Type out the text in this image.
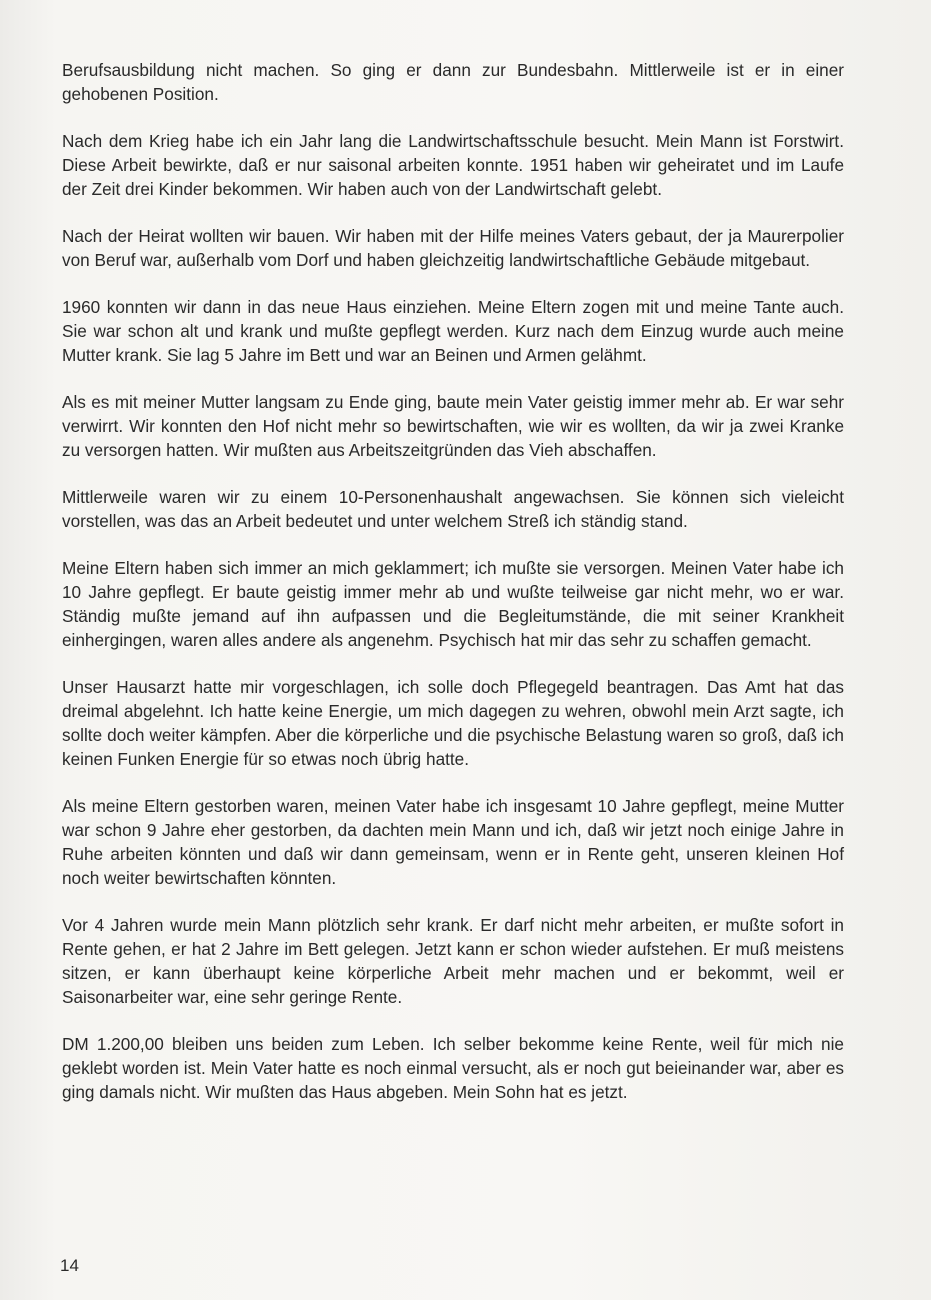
Berufsausbildung nicht machen. So ging er dann zur Bundesbahn. Mittlerweile ist er in einer gehobenen Position.

Nach dem Krieg habe ich ein Jahr lang die Landwirtschaftsschule besucht. Mein Mann ist Forstwirt. Diese Arbeit bewirkte, daß er nur saisonal arbeiten konnte. 1951 haben wir geheiratet und im Laufe der Zeit drei Kinder bekommen. Wir haben auch von der Landwirtschaft gelebt.

Nach der Heirat wollten wir bauen. Wir haben mit der Hilfe meines Vaters gebaut, der ja Maurerpolier von Beruf war, außerhalb vom Dorf und haben gleichzeitig landwirtschaftliche Gebäude mitgebaut.

1960 konnten wir dann in das neue Haus einziehen. Meine Eltern zogen mit und meine Tante auch. Sie war schon alt und krank und mußte gepflegt werden. Kurz nach dem Einzug wurde auch meine Mutter krank. Sie lag 5 Jahre im Bett und war an Beinen und Armen gelähmt.

Als es mit meiner Mutter langsam zu Ende ging, baute mein Vater geistig immer mehr ab. Er war sehr verwirrt. Wir konnten den Hof nicht mehr so bewirtschaften, wie wir es wollten, da wir ja zwei Kranke zu versorgen hatten. Wir mußten aus Arbeitszeitgründen das Vieh abschaffen.

Mittlerweile waren wir zu einem 10-Personenhaushalt angewachsen. Sie können sich vieleicht vorstellen, was das an Arbeit bedeutet und unter welchem Streß ich ständig stand.

Meine Eltern haben sich immer an mich geklammert; ich mußte sie versorgen. Meinen Vater habe ich 10 Jahre gepflegt. Er baute geistig immer mehr ab und wußte teilweise gar nicht mehr, wo er war. Ständig mußte jemand auf ihn aufpassen und die Begleitumstände, die mit seiner Krankheit einhergingen, waren alles andere als angenehm. Psychisch hat mir das sehr zu schaffen gemacht.

Unser Hausarzt hatte mir vorgeschlagen, ich solle doch Pflegegeld beantragen. Das Amt hat das dreimal abgelehnt. Ich hatte keine Energie, um mich dagegen zu wehren, obwohl mein Arzt sagte, ich sollte doch weiter kämpfen. Aber die körperliche und die psychische Belastung waren so groß, daß ich keinen Funken Energie für so etwas noch übrig hatte.

Als meine Eltern gestorben waren, meinen Vater habe ich insgesamt 10 Jahre gepflegt, meine Mutter war schon 9 Jahre eher gestorben, da dachten mein Mann und ich, daß wir jetzt noch einige Jahre in Ruhe arbeiten könnten und daß wir dann gemeinsam, wenn er in Rente geht, unseren kleinen Hof noch weiter bewirtschaften könnten.

Vor 4 Jahren wurde mein Mann plötzlich sehr krank. Er darf nicht mehr arbeiten, er mußte sofort in Rente gehen, er hat 2 Jahre im Bett gelegen. Jetzt kann er schon wieder aufstehen. Er muß meistens sitzen, er kann überhaupt keine körperliche Arbeit mehr machen und er bekommt, weil er Saisonarbeiter war, eine sehr geringe Rente.

DM 1.200,00 bleiben uns beiden zum Leben. Ich selber bekomme keine Rente, weil für mich nie geklebt worden ist. Mein Vater hatte es noch einmal versucht, als er noch gut beieinander war, aber es ging damals nicht. Wir mußten das Haus abgeben. Mein Sohn hat es jetzt.

14
